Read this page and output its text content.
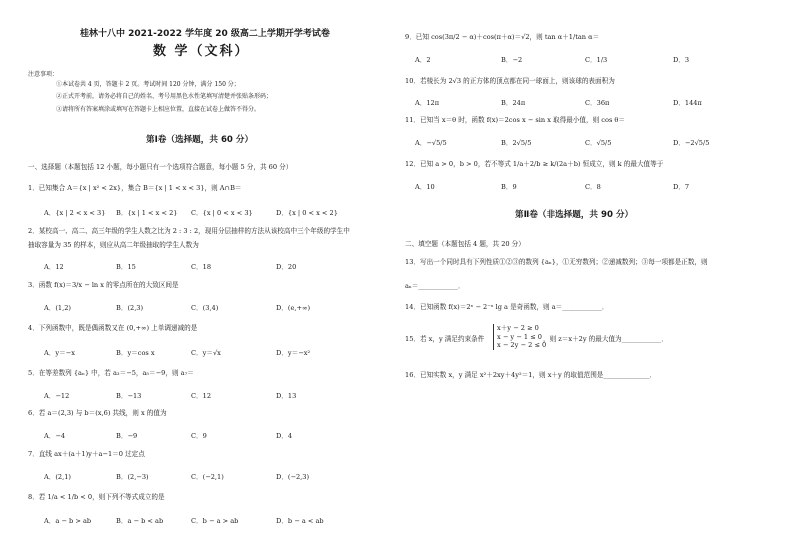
桂林十八中 2021-2022 学年度 20 级高二上学期开学考试卷
数 学（文科）
注意事项：
①本试卷共 4 页，答题卡 2 页。考试时间 120 分钟，满分 150 分；
②正式开考前，请务必将自己的姓名、考号用黑色水性笔填写清楚并张贴条形码；
③请将所有答案填涂或填写在答题卡上相应位置，直接在试卷上做答不得分。
第Ⅰ卷（选择题，共 60 分）
一、选择题（本题包括 12 小题，每小题只有一个选项符合题意，每小题 5 分，共 60 分）
1．已知集合 A＝{x | x² < 2x}，集合 B＝{x | 1 < x < 3}，则 A∩B＝
A．{x | 2 < x < 3} B．{x | 1 < x < 2} C．{x | 0 < x < 3}	D．{x | 0 < x < 2}
2．某校高一、高二、高三年级的学生人数之比为 2 : 3 : 2，现用分层抽样的方法从该校高中三个年级的学生中
抽取容量为 35 的样本，则应从高二年级抽取的学生人数为
A．12	B．15	C．18	D．20
3．函数 f(x)＝3/x − ln x 的零点所在的大致区间是
A．(1,2)	B．(2,3)	C．(3,4)	D．(e,+∞)
4．下列函数中，既是偶函数又在 (0,+∞) 上单调递减的是
A．y＝−x	B．y＝cos x	C．y＝√x	D．y＝−x²
5．在等差数列 {aₙ} 中，若 a₃＝−5，a₅＝−9，则 a₇＝
A．−12	B．−13	C．12	D．13
6．若 a＝(2,3) 与 b＝(x,6) 共线，则 x 的值为
A．−4	B．−9	C．9	D．4
7．直线 ax＋(a＋1)y＋a−1＝0 过定点
A．(2,1)	B．(2,−3)	C．(−2,1)	D．(−2,3)
8．若 1/a < 1/b < 0，则下列不等式成立的是
A．a − b > ab	B．a − b < ab	C．b − a > ab	D．b − a < ab
9．已知 cos(3π/2 − α)＋cos(π＋α)＝√2，则 tan α＋1/tan α＝
A．2	B．−2	C．1/3	D．3
10．若棱长为 2√3 的正方体的顶点都在同一球面上，则该球的表面积为
A．12π	B．24π	C．36π	D．144π
11．已知当 x＝θ 时，函数 f(x)＝2cos x − sin x 取得最小值，则 cos θ＝
A．−√5/5	B．2√5/5	C．√5/5	D．−2√5/5
12．已知 a > 0，b > 0，若不等式 1/a＋2/b ≥ k/(2a＋b) 恒成立，则 k 的最大值等于
A．10	B．9	C．8	D．7
第Ⅱ卷（非选择题，共 90 分）
二、填空题（本题包括 4 题，共 20 分）
13．写出一个同时具有下列性质①②③的数列 {aₙ}，①无穷数列；②递减数列；③每一项都是正数，则
aₙ＝____________．
14．已知函数 f(x)＝2ˣ − 2⁻ˣ lg a 是奇函数，则 a＝____________．
15．若 x，y 满足约束条件
x＋y − 2 ≥ 0
x − y − 1 ≤ 0
x − 2y − 2 ≤ 0
，则 z＝x＋2y 的最大值为____________．
16．已知实数 x，y 满足 x²＋2xy＋4y²＝1，则 x＋y 的取值范围是______________．
